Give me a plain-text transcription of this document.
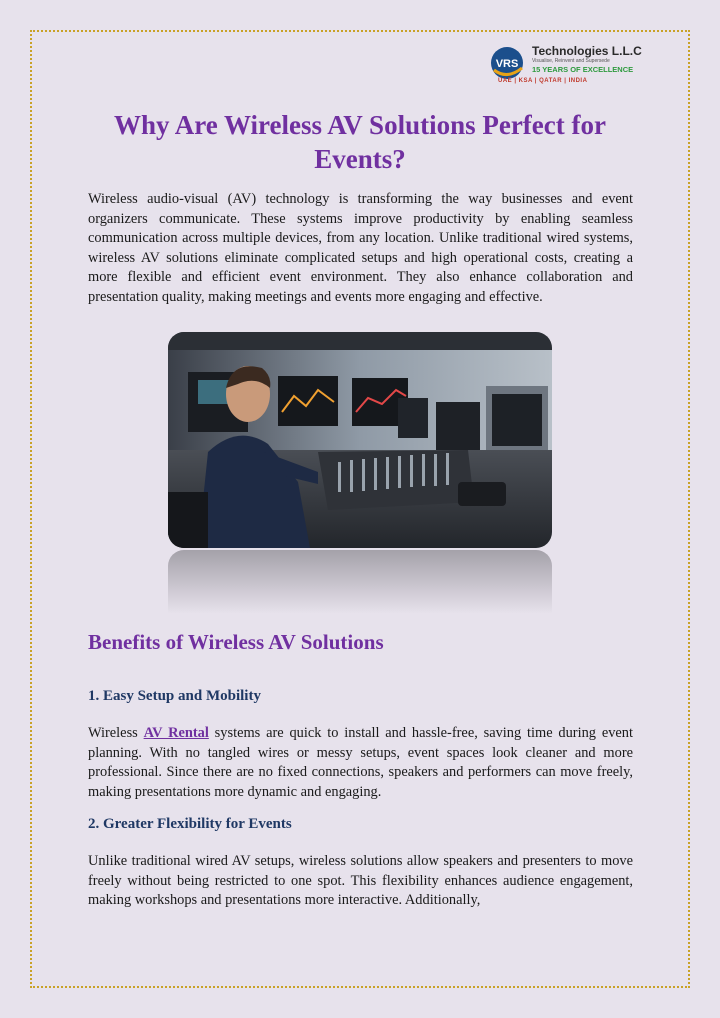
VRS
Technologies L.L.C
Visualise, Reinvent and Supersede
15 YEARS OF EXCELLENCE
UAE | KSA | QATAR | INDIA
Why Are Wireless AV Solutions Perfect for Events?

Wireless audio-visual (AV) technology is transforming the way businesses and event organizers communicate. These systems improve productivity by enabling seamless communication across multiple devices, from any location. Unlike traditional wired systems, wireless AV solutions eliminate complicated setups and high operational costs, creating a more flexible and efficient event environment. They also enhance collaboration and presentation quality, making meetings and events more engaging and effective.

Benefits of Wireless AV Solutions
1. Easy Setup and Mobility

Wireless AV Rental systems are quick to install and hassle-free, saving time during event planning. With no tangled wires or messy setups, event spaces look cleaner and more professional. Since there are no fixed connections, speakers and performers can move freely, making presentations more dynamic and engaging.

2. Greater Flexibility for Events

Unlike traditional wired AV setups, wireless solutions allow speakers and presenters to move freely without being restricted to one spot. This flexibility enhances audience engagement, making workshops and presentations more interactive. Additionally,
